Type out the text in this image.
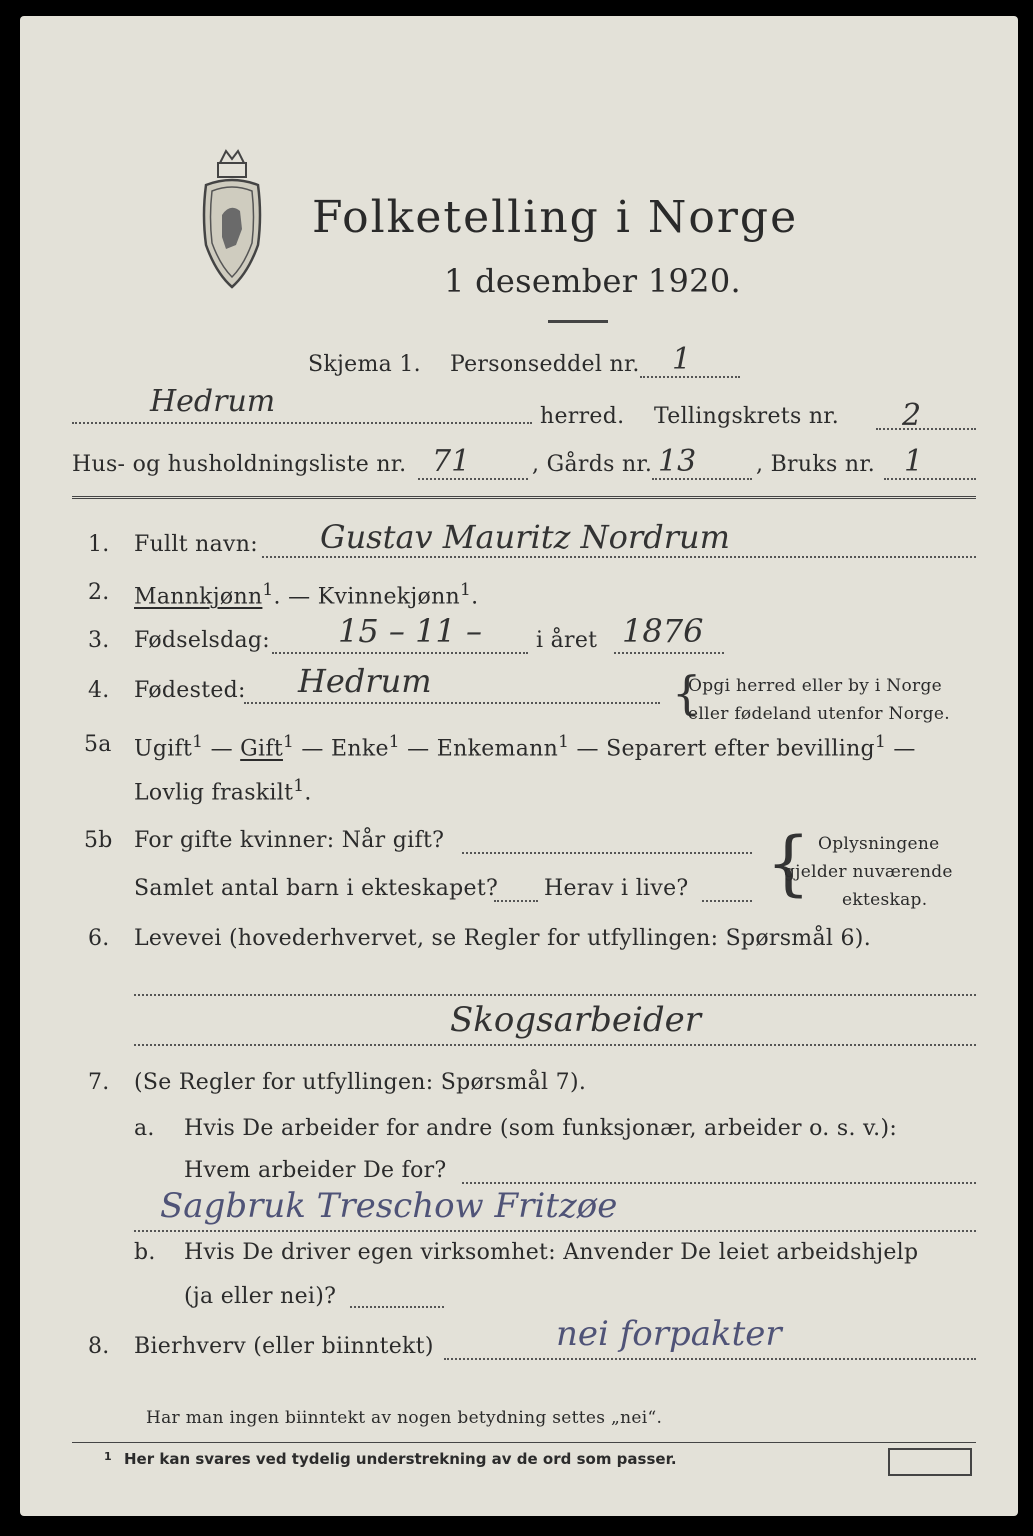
Folketelling i Norge
1 desember 1920.
Skjema 1. Personseddel nr. 1
Hedrum	herred. Tellingskrets nr. 2
Hus- og husholdningsliste nr. 71	, Gårds nr. 13	, Bruks nr. 1
1. Fullt navn: Gustav Mauritz Nordrum
2. Mannkjønn$^1$. — Kvinnekjønn$^1$.
3. Fødselsdag: 15 – 11 – i året 1876
4. Fødested: Hedrum	{
Opgi herred eller by i Norge
eller fødeland utenfor Norge.
5a Ugift$^1$ — Gift$^1$ — Enke$^1$ — Enkemann$^1$ — Separert efter bevilling$^1$ —
Lovlig fraskilt$^1$.
5b For gifte kvinner: Når gift?
Samlet antal barn i ekteskapet? Herav i live? { Oplysningene
gjelder nuværende
ekteskap.
6. Levevei (hovederhvervet, se Regler for utfyllingen: Spørsmål 6).
Skogsarbeider
7. (Se Regler for utfyllingen: Spørsmål 7).
a. Hvis De arbeider for andre (som funksjonær, arbeider o. s. v.):
Hvem arbeider De for?
Sagbruk Treschow Fritzøe
b. Hvis De driver egen virksomhet: Anvender De leiet arbeidshjelp
(ja eller nei)?
8. Bierhverv (eller biinntekt)	nei forpakter
Har man ingen biinntekt av nogen betydning settes „nei“.
1 Her kan svares ved tydelig understrekning av de ord som passer.
